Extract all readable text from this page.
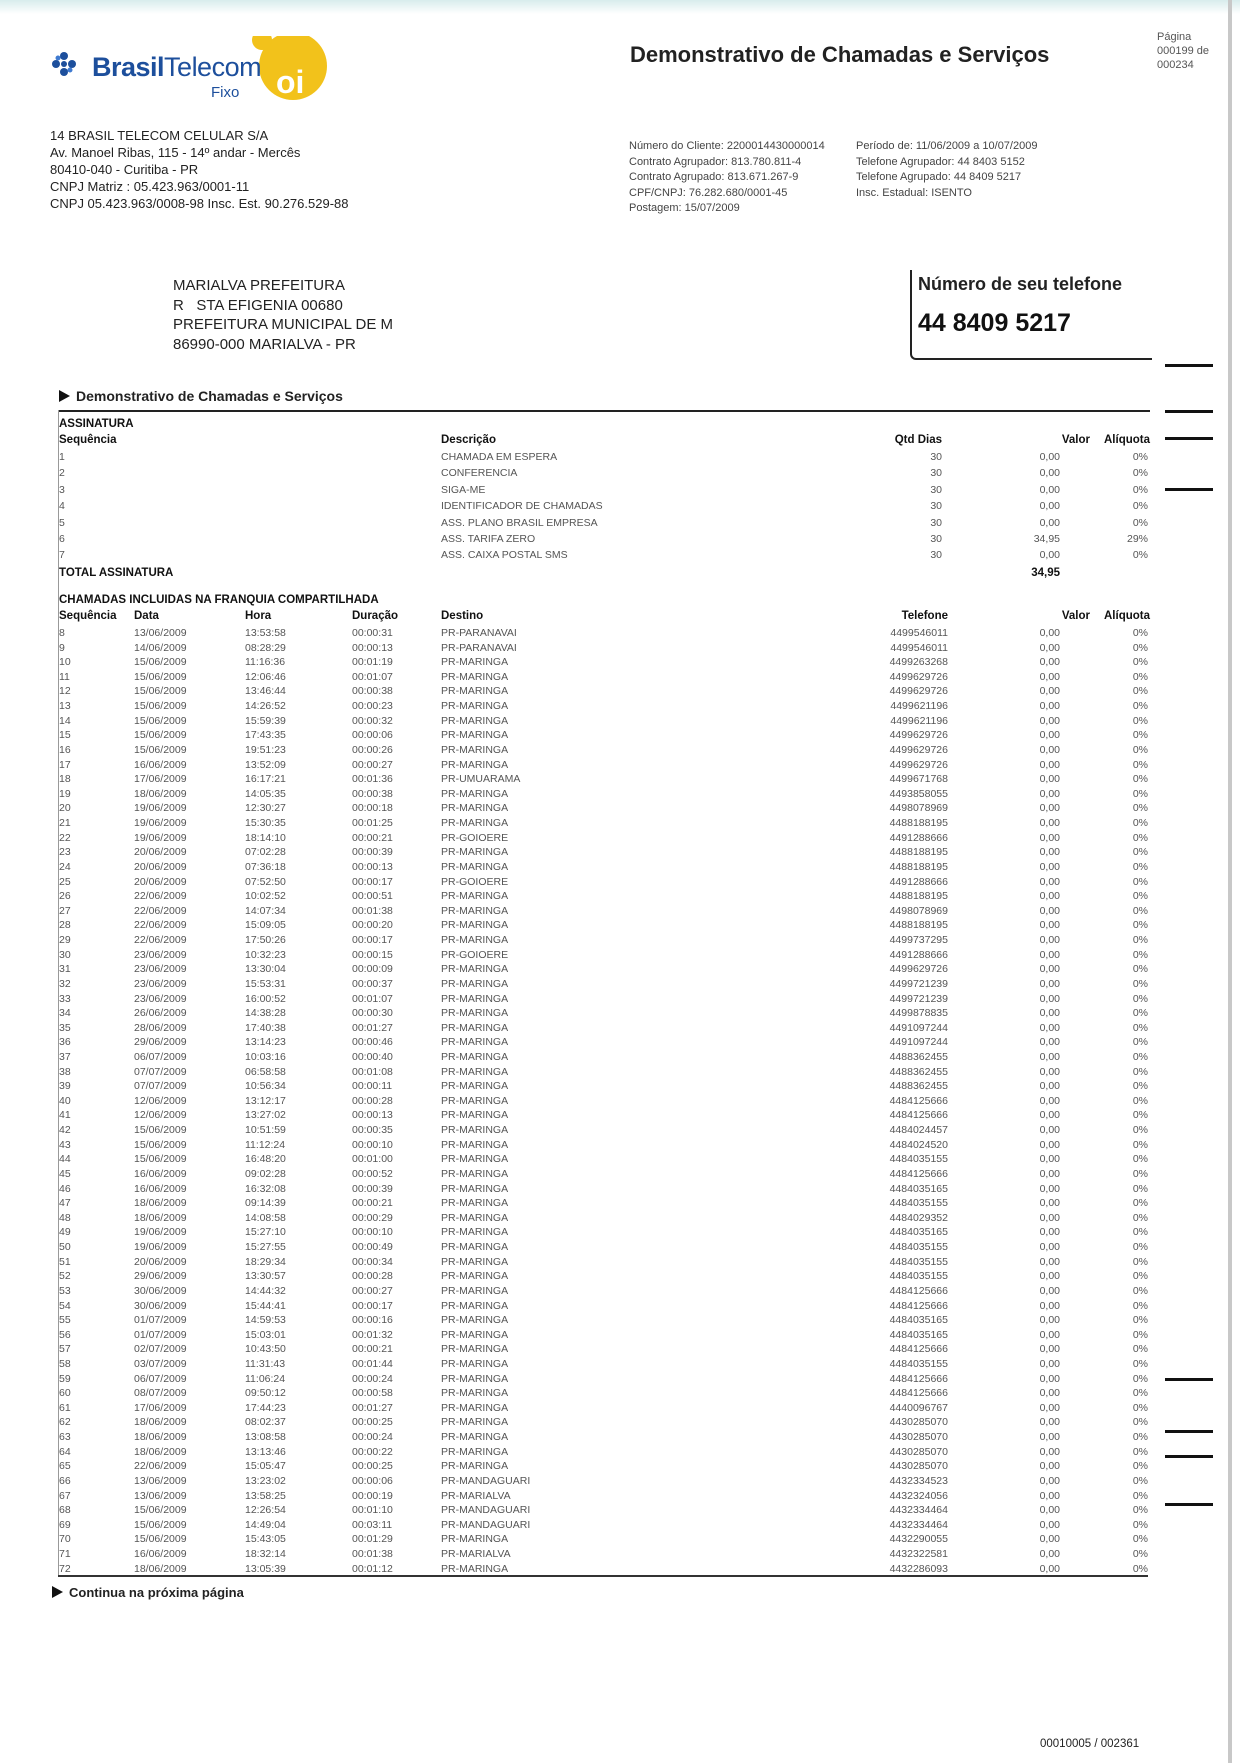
BrasilTelecom
Fixo oi
Demonstrativo de Chamadas e Serviços
Página
000199 de
000234
14 BRASIL TELECOM CELULAR S/A
Av. Manoel Ribas, 115 - 14º andar - Mercês
80410-040 - Curitiba - PR
CNPJ Matriz : 05.423.963/0001-11
CNPJ 05.423.963/0008-98 Insc. Est. 90.276.529-88
Número do Cliente: 2200014430000014
Contrato Agrupador: 813.780.811-4
Contrato Agrupado: 813.671.267-9
CPF/CNPJ: 76.282.680/0001-45
Postagem: 15/07/2009
Período de: 11/06/2009 a 10/07/2009
Telefone Agrupador: 44 8403 5152
Telefone Agrupado: 44 8409 5217
Insc. Estadual: ISENTO
MARIALVA PREFEITURA
R   STA EFIGENIA 00680
PREFEITURA MUNICIPAL DE M
86990-000 MARIALVA - PR
Número de seu telefone
44 8409 5217
Demonstrativo de Chamadas e Serviços
ASSINATURA
Sequência	Descrição	Qtd Dias	Valor	Alíquota
1	CHAMADA EM ESPERA	30	0,00	0%
2	CONFERENCIA	30	0,00	0%
3	SIGA-ME	30	0,00	0%
4	IDENTIFICADOR DE CHAMADAS	30	0,00	0%
5	ASS. PLANO BRASIL EMPRESA	30	0,00	0%
6	ASS. TARIFA ZERO	30	34,95	29%
7	ASS. CAIXA POSTAL SMS	30	0,00	0%
TOTAL ASSINATURA	34,95
CHAMADAS INCLUIDAS NA FRANQUIA COMPARTILHADA
Sequência Data	Hora	Duração	Destino	Telefone	Valor	Alíquota
8	13/06/2009	13:53:58	00:00:31	PR-PARANAVAI	4499546011	0,00	0%
9	14/06/2009	08:28:29	00:00:13	PR-PARANAVAI	4499546011	0,00	0%
10	15/06/2009	11:16:36	00:01:19	PR-MARINGA	4499263268	0,00	0%
11	15/06/2009	12:06:46	00:01:07	PR-MARINGA	4499629726	0,00	0%
12	15/06/2009	13:46:44	00:00:38	PR-MARINGA	4499629726	0,00	0%
13	15/06/2009	14:26:52	00:00:23	PR-MARINGA	4499621196	0,00	0%
14	15/06/2009	15:59:39	00:00:32	PR-MARINGA	4499621196	0,00	0%
15	15/06/2009	17:43:35	00:00:06	PR-MARINGA	4499629726	0,00	0%
16	15/06/2009	19:51:23	00:00:26	PR-MARINGA	4499629726	0,00	0%
17	16/06/2009	13:52:09	00:00:27	PR-MARINGA	4499629726	0,00	0%
18	17/06/2009	16:17:21	00:01:36	PR-UMUARAMA	4499671768	0,00	0%
19	18/06/2009	14:05:35	00:00:38	PR-MARINGA	4493858055	0,00	0%
20	19/06/2009	12:30:27	00:00:18	PR-MARINGA	4498078969	0,00	0%
21	19/06/2009	15:30:35	00:01:25	PR-MARINGA	4488188195	0,00	0%
22	19/06/2009	18:14:10	00:00:21	PR-GOIOERE	4491288666	0,00	0%
23	20/06/2009	07:02:28	00:00:39	PR-MARINGA	4488188195	0,00	0%
24	20/06/2009	07:36:18	00:00:13	PR-MARINGA	4488188195	0,00	0%
25	20/06/2009	07:52:50	00:00:17	PR-GOIOERE	4491288666	0,00	0%
26	22/06/2009	10:02:52	00:00:51	PR-MARINGA	4488188195	0,00	0%
27	22/06/2009	14:07:34	00:01:38	PR-MARINGA	4498078969	0,00	0%
28	22/06/2009	15:09:05	00:00:20	PR-MARINGA	4488188195	0,00	0%
29	22/06/2009	17:50:26	00:00:17	PR-MARINGA	4499737295	0,00	0%
30	23/06/2009	10:32:23	00:00:15	PR-GOIOERE	4491288666	0,00	0%
31	23/06/2009	13:30:04	00:00:09	PR-MARINGA	4499629726	0,00	0%
32	23/06/2009	15:53:31	00:00:37	PR-MARINGA	4499721239	0,00	0%
33	23/06/2009	16:00:52	00:01:07	PR-MARINGA	4499721239	0,00	0%
34	26/06/2009	14:38:28	00:00:30	PR-MARINGA	4499878835	0,00	0%
35	28/06/2009	17:40:38	00:01:27	PR-MARINGA	4491097244	0,00	0%
36	29/06/2009	13:14:23	00:00:46	PR-MARINGA	4491097244	0,00	0%
37	06/07/2009	10:03:16	00:00:40	PR-MARINGA	4488362455	0,00	0%
38	07/07/2009	06:58:58	00:01:08	PR-MARINGA	4488362455	0,00	0%
39	07/07/2009	10:56:34	00:00:11	PR-MARINGA	4488362455	0,00	0%
40	12/06/2009	13:12:17	00:00:28	PR-MARINGA	4484125666	0,00	0%
41	12/06/2009	13:27:02	00:00:13	PR-MARINGA	4484125666	0,00	0%
42	15/06/2009	10:51:59	00:00:35	PR-MARINGA	4484024457	0,00	0%
43	15/06/2009	11:12:24	00:00:10	PR-MARINGA	4484024520	0,00	0%
44	15/06/2009	16:48:20	00:01:00	PR-MARINGA	4484035155	0,00	0%
45	16/06/2009	09:02:28	00:00:52	PR-MARINGA	4484125666	0,00	0%
46	16/06/2009	16:32:08	00:00:39	PR-MARINGA	4484035165	0,00	0%
47	18/06/2009	09:14:39	00:00:21	PR-MARINGA	4484035155	0,00	0%
48	18/06/2009	14:08:58	00:00:29	PR-MARINGA	4484029352	0,00	0%
49	19/06/2009	15:27:10	00:00:10	PR-MARINGA	4484035165	0,00	0%
50	19/06/2009	15:27:55	00:00:49	PR-MARINGA	4484035155	0,00	0%
51	20/06/2009	18:29:34	00:00:34	PR-MARINGA	4484035155	0,00	0%
52	29/06/2009	13:30:57	00:00:28	PR-MARINGA	4484035155	0,00	0%
53	30/06/2009	14:44:32	00:00:27	PR-MARINGA	4484125666	0,00	0%
54	30/06/2009	15:44:41	00:00:17	PR-MARINGA	4484125666	0,00	0%
55	01/07/2009	14:59:53	00:00:16	PR-MARINGA	4484035165	0,00	0%
56	01/07/2009	15:03:01	00:01:32	PR-MARINGA	4484035165	0,00	0%
57	02/07/2009	10:43:50	00:00:21	PR-MARINGA	4484125666	0,00	0%
58	03/07/2009	11:31:43	00:01:44	PR-MARINGA	4484035155	0,00	0%
59	06/07/2009	11:06:24	00:00:24	PR-MARINGA	4484125666	0,00	0%
60	08/07/2009	09:50:12	00:00:58	PR-MARINGA	4484125666	0,00	0%
61	17/06/2009	17:44:23	00:01:27	PR-MARINGA	4440096767	0,00	0%
62	18/06/2009	08:02:37	00:00:25	PR-MARINGA	4430285070	0,00	0%
63	18/06/2009	13:08:58	00:00:24	PR-MARINGA	4430285070	0,00	0%
64	18/06/2009	13:13:46	00:00:22	PR-MARINGA	4430285070	0,00	0%
65	22/06/2009	15:05:47	00:00:25	PR-MARINGA	4430285070	0,00	0%
66	13/06/2009	13:23:02	00:00:06	PR-MANDAGUARI	4432334523	0,00	0%
67	13/06/2009	13:58:25	00:00:19	PR-MARIALVA	4432324056	0,00	0%
68	15/06/2009	12:26:54	00:01:10	PR-MANDAGUARI	4432334464	0,00	0%
69	15/06/2009	14:49:04	00:03:11	PR-MANDAGUARI	4432334464	0,00	0%
70	15/06/2009	15:43:05	00:01:29	PR-MARINGA	4432290055	0,00	0%
71	16/06/2009	18:32:14	00:01:38	PR-MARIALVA	4432322581	0,00	0%
72	18/06/2009	13:05:39	00:01:12	PR-MARINGA	4432286093	0,00	0%
Continua na próxima página
00010005 / 002361
